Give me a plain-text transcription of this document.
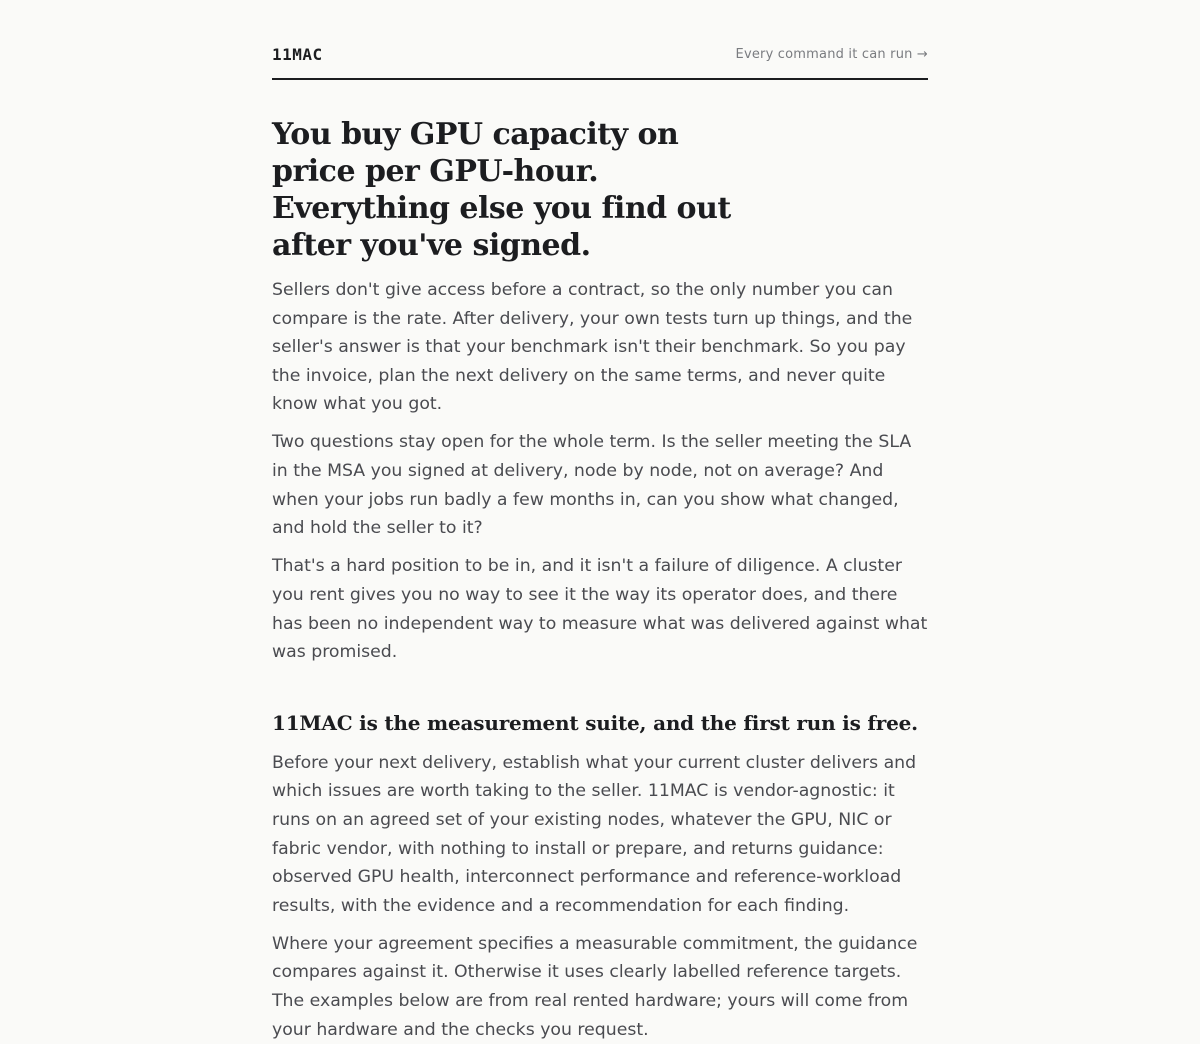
11MAC	Every command it can run →
You buy GPU capacity on price per GPU-hour. Everything else you find out after you've signed.

Sellers don't give access before a contract, so the only number you can compare is the rate. After delivery, your own tests turn up things, and the seller's answer is that your benchmark isn't their benchmark. So you pay the invoice, plan the next delivery on the same terms, and never quite know what you got.

Two questions stay open for the whole term. Is the seller meeting the SLA in the MSA you signed at delivery, node by node, not on average? And when your jobs run badly a few months in, can you show what changed, and hold the seller to it?

That's a hard position to be in, and it isn't a failure of diligence. A cluster you rent gives you no way to see it the way its operator does, and there has been no independent way to measure what was delivered against what was promised.

11MAC is the measurement suite, and the first run is free.

Before your next delivery, establish what your current cluster delivers and which issues are worth taking to the seller. 11MAC is vendor-agnostic: it runs on an agreed set of your existing nodes, whatever the GPU, NIC or fabric vendor, with nothing to install or prepare, and returns guidance: observed GPU health, interconnect performance and reference-workload results, with the evidence and a recommendation for each finding.

Where your agreement specifies a measurable commitment, the guidance compares against it. Otherwise it uses clearly labelled reference targets. The examples below are from real rented hardware; yours will come from your hardware and the checks you request.
